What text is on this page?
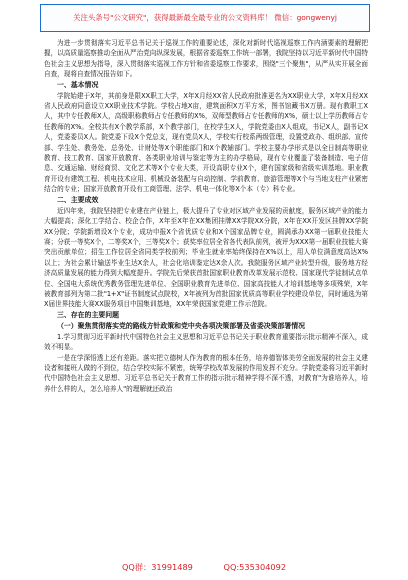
关注头条号"公文研究"，获得最新最全最专业的公文资料库！ 微信：gongwenyj

为进一步贯彻落实习近平总书记关于巡视工作的重要论述，深化对新时代巡视巡察工作内涵要素的理解把握，以高质量巡察推动全面从严治党向纵深发展，根据省委巡察工作统一部署，我院坚持以习近平新时代中国特色社会主义思想为指导，深入贯彻落实巡视工作方针和省委巡察工作要求，围绕"三个聚焦"，从严从实开展全面自查，现将自查情况报告如下。

一、基本情况

学院始建于X年，其前身是限XX职工大学，X年X月经XX省人民政府批准更名为XX职业大学，X年X月经XX省人民政府同意设立XX职业技术学院。学校占地X亩，建筑面积X万平方米，图书馆藏书X万册。现有教职工X人，其中专任教师X人，高级职称教师占专任教师的X%，双师型教师占专任教师的X%，硕士以上学历教师占专任教师的X%。全校共有X个教学系部，X个教学部门，在校学生X人，学院党委由X人组成，书记X人，副书记X人，党委委员X人。院党委下设X个党总支，现有党员X人，学校实行校系两级管理，设置党政办、组织部、宣传部、学生处、教务处、总务处、计财处等X个职能部门和X个教辅部门。学校主要办学形式是以全日制高等职业教育、技工教育、国家开放教育、各类职业培训与鉴定等为主的办学格局，现有专业覆盖了装备制造、电子信息、交通运输、财经商贸、文化艺术等X个专业大类，开设高职专业X个，建有国家级和省级实训基地。职业教育开设有建筑工程、机电技术应用、机械设备装配与自动控制、学前教育、旅游管理等X个与当地支柱产业紧密结合的专业；国家开放教育开设有工商管理、法学、机电一体化等X个本（专）科专业。

二、主要成效

近四年来，我院坚持把专业建在产业链上，极大提升了专业对区域产业发展的贡献度，服务区域产业的能力大幅提高；深化工学结合、校企合作，X年至X年在XX集团挂牌XX学院XX分院，X年在XX开发区挂牌XX学院XX分院；学院新增设X个专业，成功申报X个省优质专业和X个国家品牌专业，圆满承办XX第一届职业技能大赛；分获一等奖X个，二等奖X个，三等奖X个；获奖率位居全省各代表队前列，被评为XXX第一届职业技能大赛突出贡献单位；招生工作位居全省同类学校前列；毕业生就业率始终保持在X%以上，用人单位满意度高达X%以上；为社会累计输送毕业生达X余人，社会化培训鉴定达X余人次。我院服务区域产业转型升级，服务地方经济高质量发展的能力得到大幅度提升。学院先后荣获首批国家职业教育改革发展示范校、国家现代学徒制试点单位、全国电大系统优秀教务管理先进单位、全国职业教育先进单位、国家高技能人才培训基地等多项殊荣，X年被教育部列为第二批"1+X"证书制度试点院校，X年被列为首批国家优质高等职业学校建设单位，同时通选为第X届世界技能大赛XX服务项目中国集训基地，XX年荣获国家党建工作示范院。

三、存在的主要问题

（一）聚焦贯彻落实党的路线方针政策和党中央各项决策部署及省委决策部署情况

1.学习贯彻习近平新时代中国特色社会主义思想和习近平总书记关于职业教育重要指示批示精神不深入，成效不明显。

一是在学深悟透上还有差距。落实把立德树人作为教育的根本任务，培养德智体美劳全面发展的社会主义建设者和接班人做的不到位，结合学校实际不紧密，统筹学校改革发展的作用发挥不充分。学院党委将习近平新时代中国特色社会主义思想、习近平总书记关于教育工作的指示批示精神学得不深不透，对教育"为谁培养人，培养什么样的人，怎么培养人"的理解就还政治

QQ群：31991489	QQ:535304092
